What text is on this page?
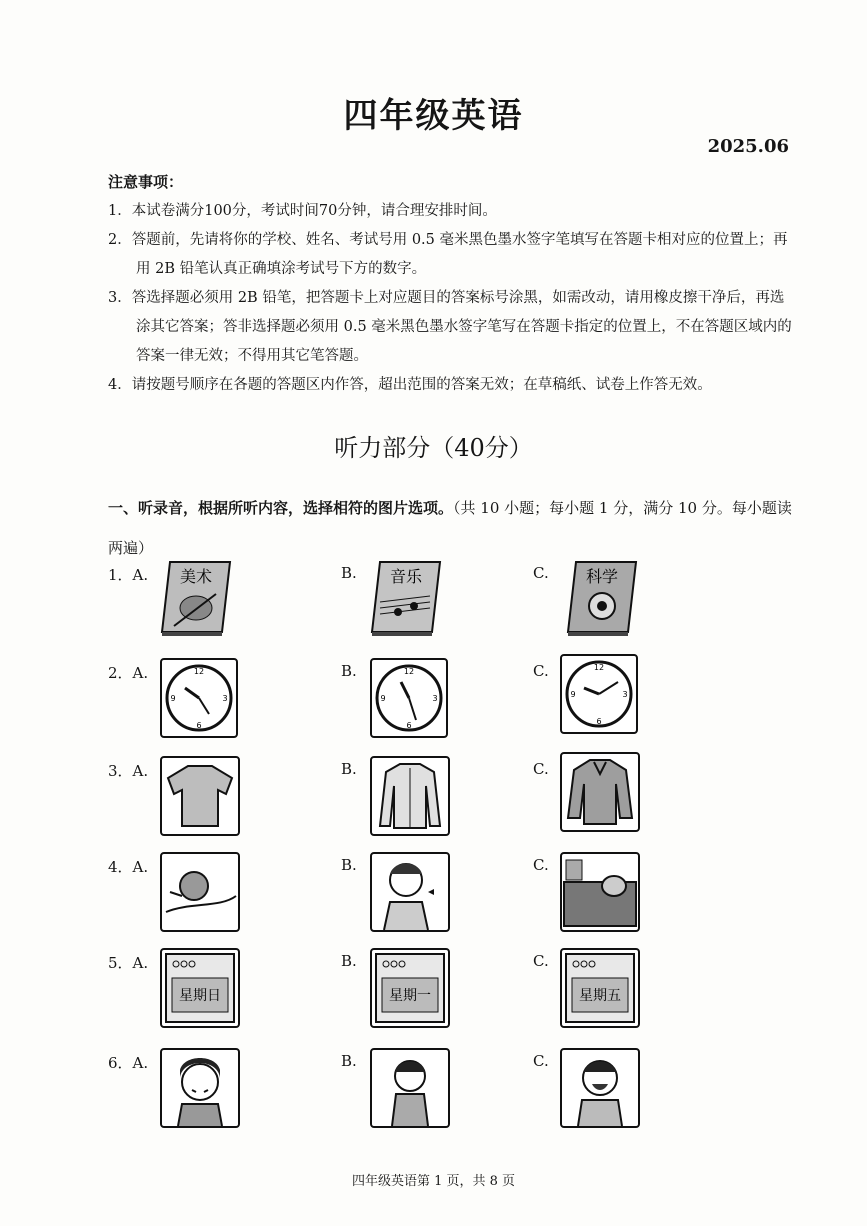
四年级英语
2025.06

注意事项：

1．本试卷满分100分，考试时间70分钟，请合理安排时间。

2．答题前，先请将你的学校、姓名、考试号用 0.5 毫米黑色墨水签字笔填写在答题卡相对应的位置上；再用 2B 铅笔认真正确填涂考试号下方的数字。

3．答选择题必须用 2B 铅笔，把答题卡上对应题目的答案标号涂黑，如需改动，请用橡皮擦干净后，再选涂其它答案；答非选择题必须用 0.5 毫米黑色墨水签字笔写在答题卡指定的位置上，不在答题区域内的答案一律无效；不得用其它笔答题。

4．请按题号顺序在各题的答题区内作答，超出范围的答案无效；在草稿纸、试卷上作答无效。

听力部分（40分）
一、听录音，根据所听内容，选择相符的图片选项。（共 10 小题；每小题 1 分，满分 10 分。每小题读两遍）
1．A. 美术	B. 音乐	C. 科学
2．A.	12
3
6
9
B.	12
3
6
9
C.	12
3
6
9
3．A.	B.	C.
4．A.	B.	C.
5．A.
星期日
B.
星期一
C.
星期五
6．A.	B.	C.
四年级英语第 1 页，共 8 页
